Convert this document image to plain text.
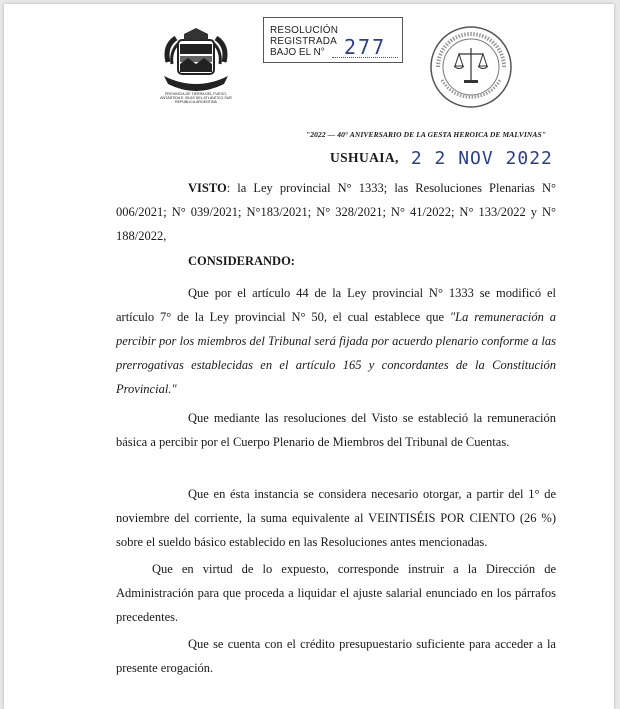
PROVINCIA DE TIERRA DEL FUEGO,
ANTÁRTIDA E ISLAS DEL ATLÁNTICO SUR
REPÚBLICA ARGENTINA
RESOLUCIÓN REGISTRADA
BAJO EL N° 277
"2022 — 40° ANIVERSARIO DE LA GESTA HEROICA DE MALVINAS"
USHUAIA, 2 2 NOV 2022
VISTO: la Ley provincial N° 1333; las Resoluciones Plenarias N° 006/2021; N° 039/2021; N°183/2021; N° 328/2021; N° 41/2022; N° 133/2022 y N° 188/2022,
CONSIDERANDO:
Que por el artículo 44 de la Ley provincial N° 1333 se modificó el artículo 7° de la Ley provincial N° 50, el cual establece que "La remuneración a percibir por los miembros del Tribunal será fijada por acuerdo plenario conforme a las prerrogativas establecidas en el artículo 165 y concordantes de la Constitución Provincial."
Que mediante las resoluciones del Visto se estableció la remuneración básica a percibir por el Cuerpo Plenario de Miembros del Tribunal de Cuentas.
Que en ésta instancia se considera necesario otorgar, a partir del 1° de noviembre del corriente, la suma equivalente al VEINTISÉIS POR CIENTO (26 %) sobre el sueldo básico establecido en las Resoluciones antes mencionadas.
Que en virtud de lo expuesto, corresponde instruir a la Dirección de Administración para que proceda a liquidar el ajuste salarial enunciado en los párrafos precedentes.
Que se cuenta con el crédito presupuestario suficiente para acceder a la presente erogación.
